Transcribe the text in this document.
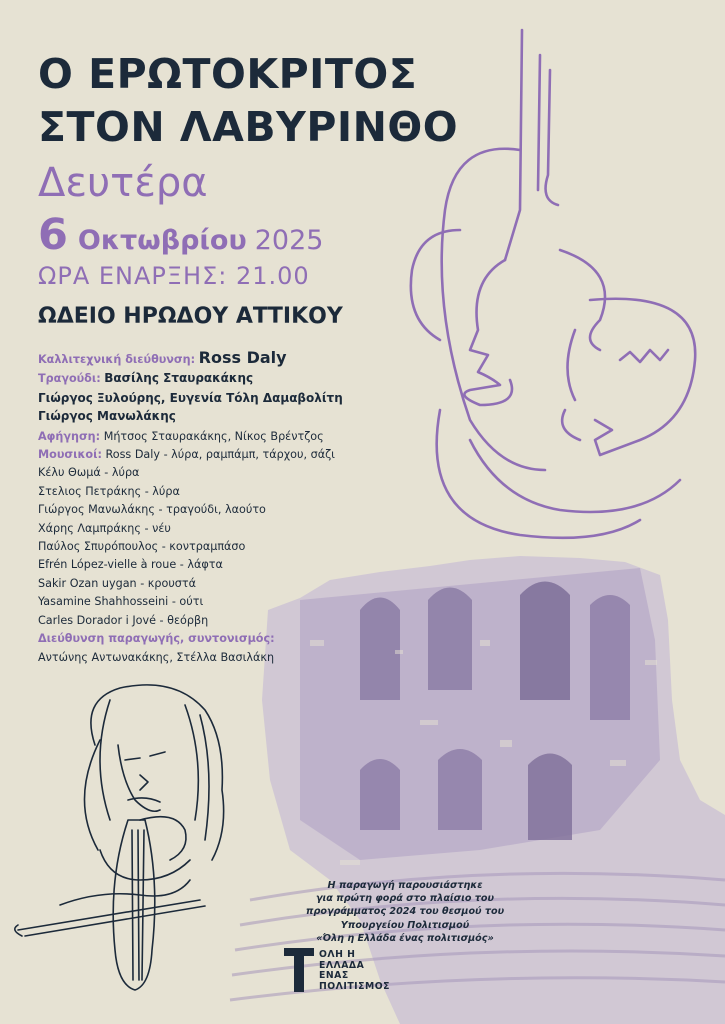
Ο ΕΡΩΤΟΚΡΙΤΟΣ
ΣΤΟΝ ΛΑΒΥΡΙΝΘΟ
Δευτέρα
6 Οκτωβρίου 2025
ΩΡΑ ΕΝΑΡΞΗΣ: 21.00
ΩΔΕΙΟ ΗΡΩΔΟΥ ΑΤΤΙΚΟΥ
Καλλιτεχνική διεύθυνση: Ross Daly
Τραγούδι: Βασίλης Σταυρακάκης
Γιώργος Ξυλούρης, Ευγενία Τόλη Δαμαβολίτη
Γιώργος Μανωλάκης
Αφήγηση: Μήτσος Σταυρακάκης, Νίκος Βρέντζος
Μουσικοί: Ross Daly - λύρα, ραμπάμπ, τάρχου, σάζι
Κέλυ Θωμά - λύρα
Στελιος Πετράκης - λύρα
Γιώργος Μανωλάκης - τραγούδι, λαούτο
Χάρης Λαμπράκης - νέυ
Παύλος Σπυρόπουλος - κοντραμπάσο
Efrén López-vielle à roue - λάφτα
Sakir Ozan uygan - κρουστά
Yasamine Shahhosseini - ούτι
Carles Dorador i Jové - θεόρβη
Διεύθυνση παραγωγής, συντονισμός:
Αντώνης Αντωνακάκης, Στέλλα Βασιλάκη
Η παραγωγή παρουσιάστηκε
για πρώτη φορά στο πλαίσιο του
προγράμματος 2024 του θεσμού του
Υπουργείου Πολιτισμού
«Όλη η Ελλάδα ένας πολιτισμός»
ΟΛΗ Η
ΕΛΛΑΔΑ
ΕΝΑΣ
ΠΟΛΙΤΙΣΜΟΣ
